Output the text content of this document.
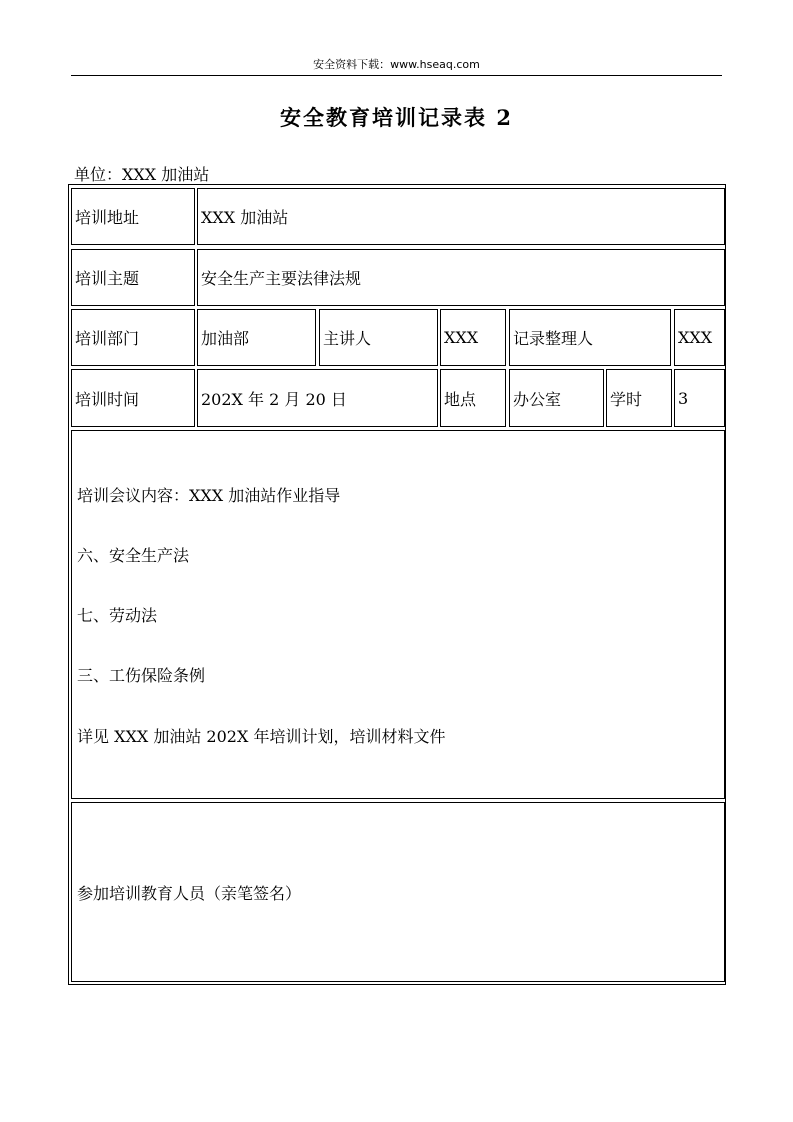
安全资料下载：www.hseaq.com
安全教育培训记录表 2
单位：XXX 加油站
培训地址	XXX 加油站
培训主题	安全生产主要法律法规
培训部门	加油部	主讲人	XXX	记录整理人	XXX
培训时间	202X 年 2 月 20 日	地点	办公室	学时	3
培训会议内容：XXX 加油站作业指导
六、安全生产法
七、劳动法
三、工伤保险条例
详见 XXX 加油站 202X 年培训计划，培训材料文件
参加培训教育人员（亲笔签名）
